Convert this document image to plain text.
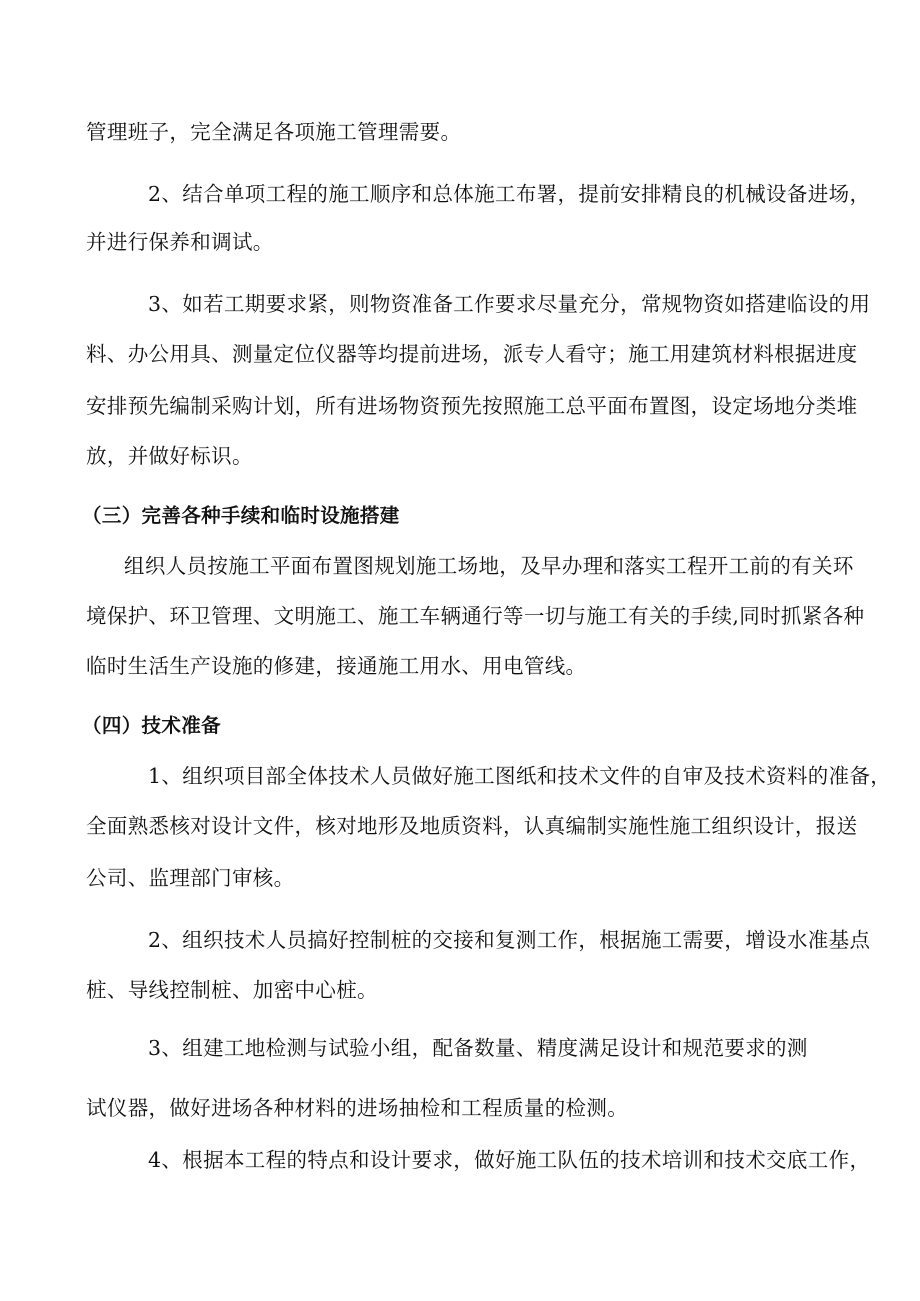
管理班子，完全满足各项施工管理需要。
2、结合单项工程的施工顺序和总体施工布署，提前安排精良的机械设备进场，
并进行保养和调试。
3、如若工期要求紧，则物资准备工作要求尽量充分，常规物资如搭建临设的用
料、办公用具、测量定位仪器等均提前进场，派专人看守；施工用建筑材料根据进度
安排预先编制采购计划，所有进场物资预先按照施工总平面布置图，设定场地分类堆
放，并做好标识。
（三）完善各种手续和临时设施搭建
组织人员按施工平面布置图规划施工场地，及早办理和落实工程开工前的有关环
境保护、环卫管理、文明施工、施工车辆通行等一切与施工有关的手续,同时抓紧各种
临时生活生产设施的修建，接通施工用水、用电管线。
（四）技术准备
1、组织项目部全体技术人员做好施工图纸和技术文件的自审及技术资料的准备，
全面熟悉核对设计文件，核对地形及地质资料，认真编制实施性施工组织设计，报送
公司、监理部门审核。
2、组织技术人员搞好控制桩的交接和复测工作，根据施工需要，增设水准基点
桩、导线控制桩、加密中心桩。
3、组建工地检测与试验小组，配备数量、精度满足设计和规范要求的测
试仪器，做好进场各种材料的进场抽检和工程质量的检测。
4、根据本工程的特点和设计要求，做好施工队伍的技术培训和技术交底工作，
